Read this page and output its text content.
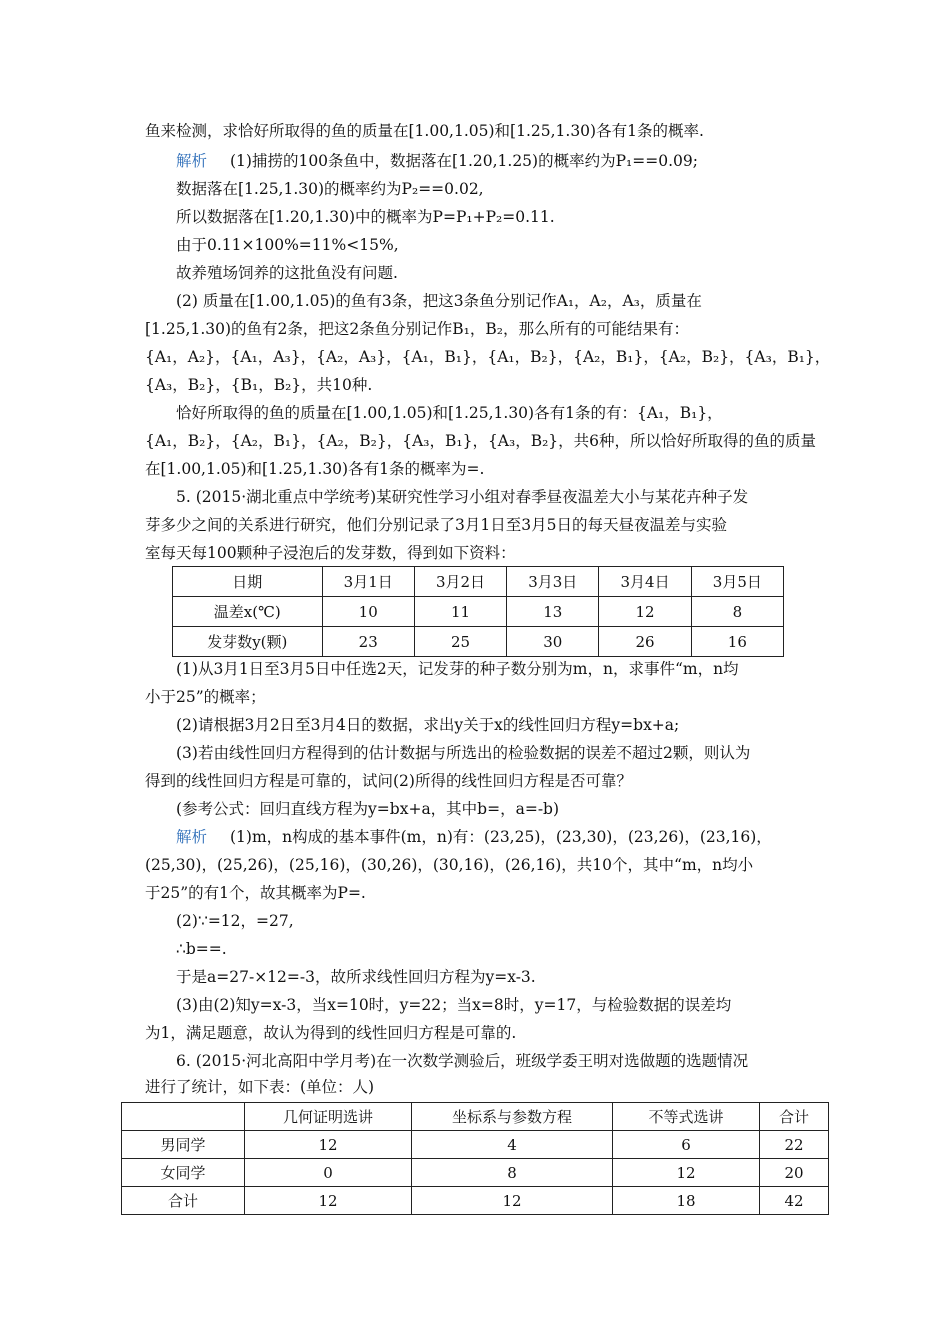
鱼来检测，求恰好所取得的鱼的质量在[1.00,1.05)和[1.25,1.30)各有1条的概率.
解析 (1)捕捞的100条鱼中，数据落在[1.20,1.25)的概率约为P₁==0.09;
数据落在[1.25,1.30)的概率约为P₂==0.02,
所以数据落在[1.20,1.30)中的概率为P=P₁+P₂=0.11.
由于0.11×100%=11%<15%,
故养殖场饲养的这批鱼没有问题.
(2) 质量在[1.00,1.05)的鱼有3条，把这3条鱼分别记作A₁，A₂，A₃，质量在
[1.25,1.30)的鱼有2条，把这2条鱼分别记作B₁，B₂，那么所有的可能结果有：
{A₁，A₂}，{A₁，A₃}，{A₂，A₃}，{A₁，B₁}，{A₁，B₂}，{A₂，B₁}，{A₂，B₂}，{A₃，B₁}，
{A₃，B₂}，{B₁，B₂}，共10种.
恰好所取得的鱼的质量在[1.00,1.05)和[1.25,1.30)各有1条的有：{A₁，B₁}，
{A₁，B₂}，{A₂，B₁}，{A₂，B₂}，{A₃，B₁}，{A₃，B₂}，共6种，所以恰好所取得的鱼的质量
在[1.00,1.05)和[1.25,1.30)各有1条的概率为=.
5. (2015·湖北重点中学统考)某研究性学习小组对春季昼夜温差大小与某花卉种子发
芽多少之间的关系进行研究，他们分别记录了3月1日至3月5日的每天昼夜温差与实验
室每天每100颗种子浸泡后的发芽数，得到如下资料：
日期	3月1日	3月2日	3月3日	3月4日	3月5日
温差x(℃)	10	11	13	12	8
发芽数y(颗)	23	25	30	26	16
(1)从3月1日至3月5日中任选2天，记发芽的种子数分别为m，n，求事件“m，n均
小于25”的概率；
(2)请根据3月2日至3月4日的数据，求出y关于x的线性回归方程y=bx+a;
(3)若由线性回归方程得到的估计数据与所选出的检验数据的误差不超过2颗，则认为
得到的线性回归方程是可靠的，试问(2)所得的线性回归方程是否可靠？
(参考公式：回归直线方程为y=bx+a，其中b=，a=-b)
解析 (1)m，n构成的基本事件(m，n)有：(23,25)，(23,30)，(23,26)，(23,16)，
(25,30)，(25,26)，(25,16)，(30,26)，(30,16)，(26,16)，共10个，其中“m，n均小
于25”的有1个，故其概率为P=.
(2)∵=12，=27,
∴b==.
于是a=27-×12=-3，故所求线性回归方程为y=x-3.
(3)由(2)知y=x-3，当x=10时，y=22；当x=8时，y=17，与检验数据的误差均
为1，满足题意，故认为得到的线性回归方程是可靠的.
6. (2015·河北高阳中学月考)在一次数学测验后，班级学委王明对选做题的选题情况
进行了统计，如下表：(单位：人)
	几何证明选讲	坐标系与参数方程	不等式选讲	合计
男同学	12	4	6	22
女同学	0	8	12	20
合计	12	12	18	42
